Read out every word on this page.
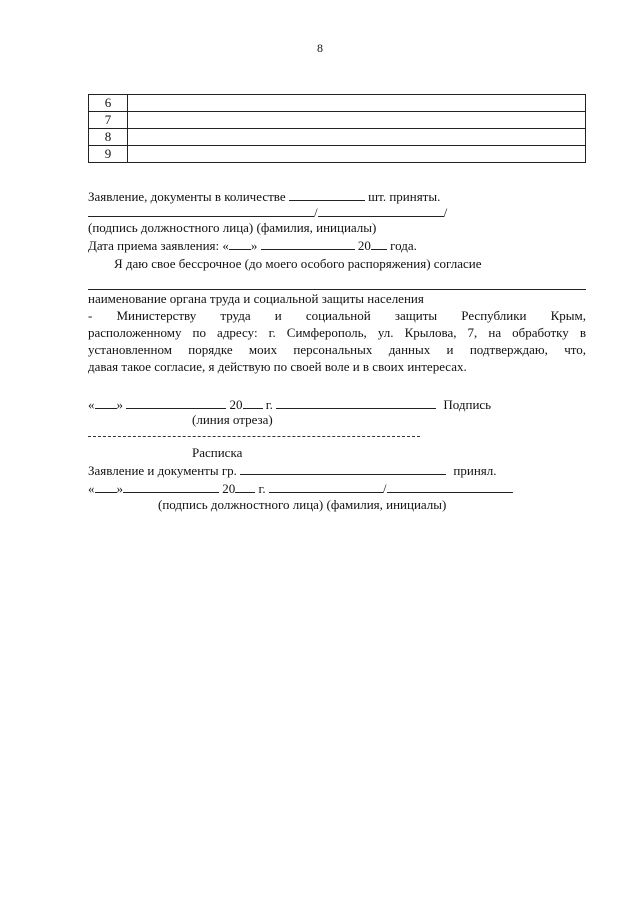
8
6	
7	
8	
9	
Заявление, документы в количестве	шт. приняты.
/	/
(подпись должностного лица) (фамилия, инициалы)
Дата приема заявления: « »	20 года.
Я даю свое бессрочное (до моего особого распоряжения) согласие
наименование органа труда и социальной защиты населения
- Министерству труда и социальной защиты Республики Крым,
расположенному по адресу: г. Симферополь, ул. Крылова, 7, на обработку в
установленном порядке моих персональных данных и подтверждаю, что,
давая такое согласие, я действую по своей воле и в своих интересах.
« »	20 г.	Подпись
(линия отреза)
Расписка
Заявление и документы гр.	принял.
« »	20 г.	/
(подпись должностного лица) (фамилия, инициалы)
